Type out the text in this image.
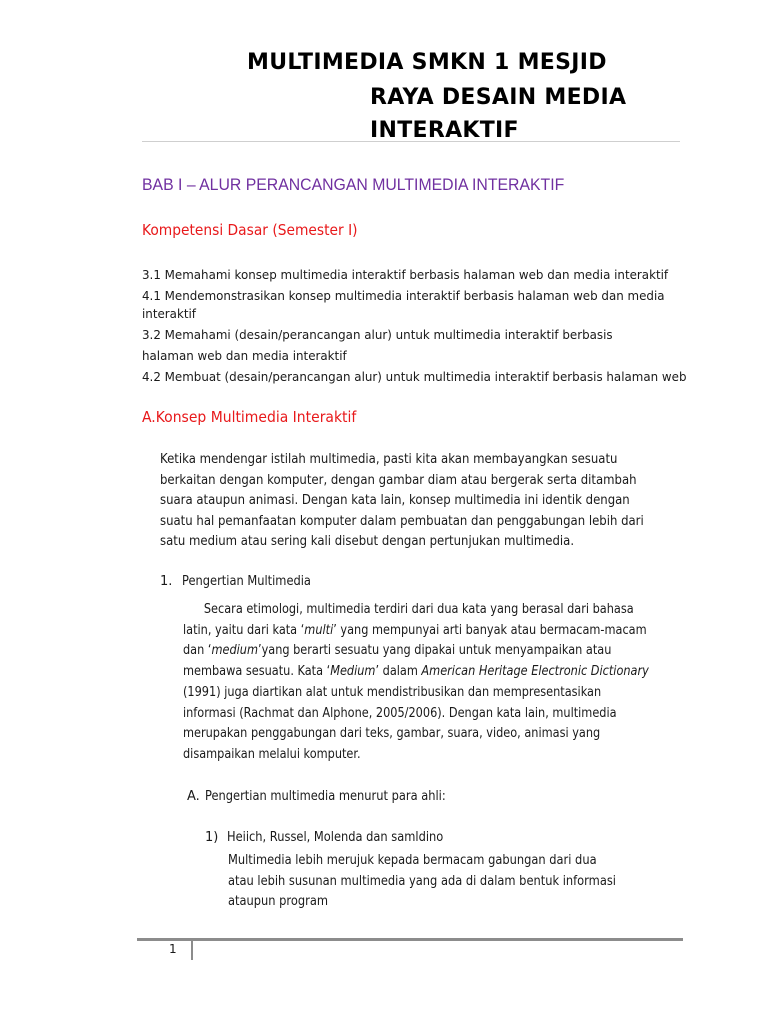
MULTIMEDIA SMKN 1 MESJID
RAYA DESAIN MEDIA
INTERAKTIF
BAB I – ALUR PERANCANGAN MULTIMEDIA INTERAKTIF
Kompetensi Dasar (Semester I)
3.1 Memahami konsep multimedia interaktif berbasis halaman web dan media interaktif
4.1 Mendemonstrasikan konsep multimedia interaktif berbasis halaman web dan media
interaktif
3.2 Memahami (desain/perancangan alur) untuk multimedia interaktif berbasis
halaman web dan media interaktif
4.2 Membuat (desain/perancangan alur) untuk multimedia interaktif berbasis halaman web
A.Konsep Multimedia Interaktif
Ketika mendengar istilah multimedia, pasti kita akan membayangkan sesuatu
berkaitan dengan komputer, dengan gambar diam atau bergerak serta ditambah
suara ataupun animasi. Dengan kata lain, konsep multimedia ini identik dengan
suatu hal pemanfaatan komputer dalam pembuatan dan penggabungan lebih dari
satu medium atau sering kali disebut dengan pertunjukan multimedia.
1. Pengertian Multimedia
Secara etimologi, multimedia terdiri dari dua kata yang berasal dari bahasa
latin, yaitu dari kata ‘multi’ yang mempunyai arti banyak atau bermacam-macam
dan ‘medium’yang berarti sesuatu yang dipakai untuk menyampaikan atau
membawa sesuatu. Kata ‘Medium’ dalam American Heritage Electronic Dictionary
(1991) juga diartikan alat untuk mendistribusikan dan mempresentasikan
informasi (Rachmat dan Alphone, 2005/2006). Dengan kata lain, multimedia
merupakan penggabungan dari teks, gambar, suara, video, animasi yang
disampaikan melalui komputer.
A. Pengertian multimedia menurut para ahli:
1) Heiich, Russel, Molenda dan samldino
Multimedia lebih merujuk kepada bermacam gabungan dari dua
atau lebih susunan multimedia yang ada di dalam bentuk informasi
ataupun program
1
